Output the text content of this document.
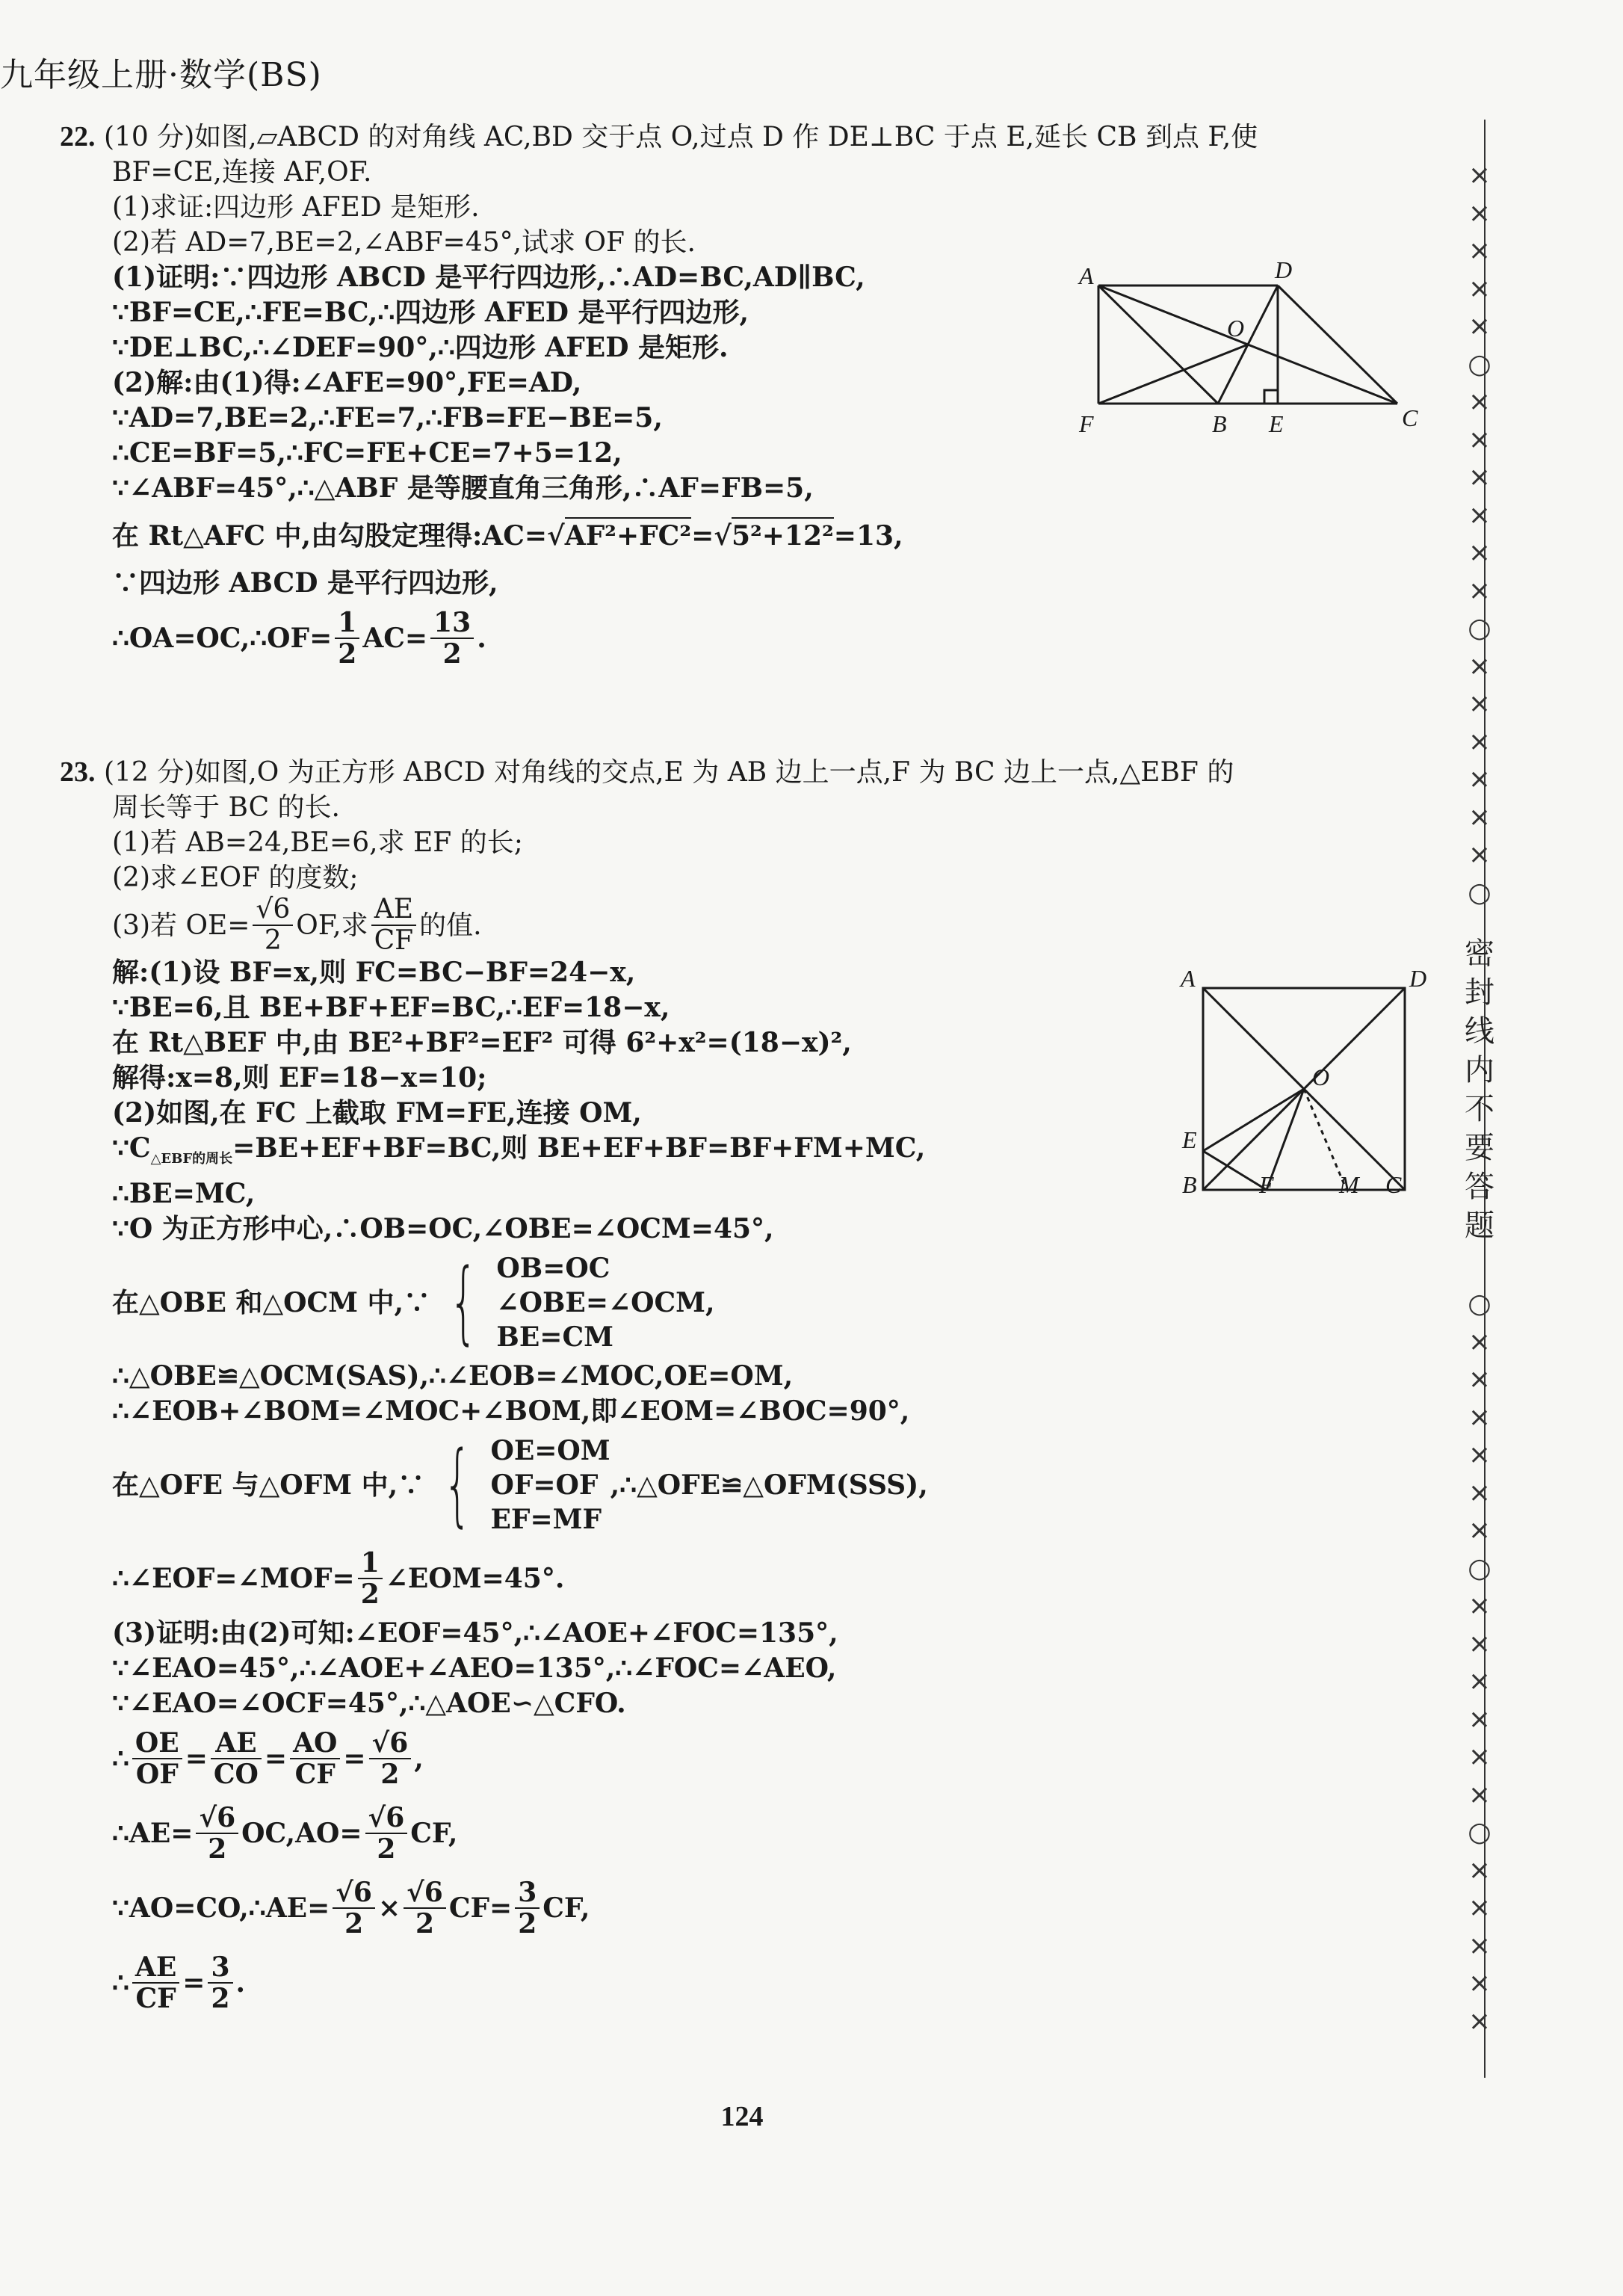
九年级上册·数学(BS)
22. (10 分)如图,▱ABCD 的对角线 AC,BD 交于点 O,过点 D 作 DE⊥BC 于点 E,延长 CB 到点 F,使
BF=CE,连接 AF,OF.
(1)求证:四边形 AFED 是矩形.
(2)若 AD=7,BE=2,∠ABF=45°,试求 OF 的长.
(1)证明:∵四边形 ABCD 是平行四边形,∴AD=BC,AD∥BC,
∵BF=CE,∴FE=BC,∴四边形 AFED 是平行四边形,
∵DE⊥BC,∴∠DEF=90°,∴四边形 AFED 是矩形.
(2)解:由(1)得:∠AFE=90°,FE=AD,
∵AD=7,BE=2,∴FE=7,∴FB=FE−BE=5,
∴CE=BF=5,∴FC=FE+CE=7+5=12,
∵∠ABF=45°,∴△ABF 是等腰直角三角形,∴AF=FB=5,
在 Rt△AFC 中,由勾股定理得:AC= √AF²+FC² = √5²+12² =13,
∵四边形 ABCD 是平行四边形,
∴OA=OC,∴OF= $\frac{1}{2} AC= \frac{13}{2}$ .
A	D
O
F	B E	C
23. (12 分)如图,O 为正方形 ABCD 对角线的交点,E 为 AB 边上一点,F 为 BC 边上一点,△EBF 的
周长等于 BC 的长.
(1)若 AB=24,BE=6,求 EF 的长;
(2)求∠EOF 的度数;
(3)若 $OE= \frac{√6}{2}$ OF,求 $\frac{AE}{CF}$ 的值.
解:(1)设 BF=x,则 FC=BC−BF=24−x,
∵BE=6,且 BE+BF+EF=BC,∴EF=18−x,
在 Rt△BEF 中,由 BE²+BF²=EF² 可得 6²+x²=(18−x)²,
解得:x=8,则 EF=18−x=10;
(2)如图,在 FC 上截取 FM=FE,连接 OM,
$\because C_{\triangle EBF的周长}=BE+EF+BF=BC$,则 BE+EF+BF=BF+FM+MC,
∴BE=MC,
∵O 为正方形中心,∴OB=OC,∠OBE=∠OCM=45°,
在△OBE 和△OCM 中,∵ { OB=OC
∠OBE=∠OCM,
BE=CM
∴△OBE≌△OCM(SAS),∴∠EOB=∠MOC,OE=OM,
∴∠EOB+∠BOM=∠MOC+∠BOM,即∠EOM=∠BOC=90°,
在△OFE 与△OFM 中,∵ { OE=OM
OF=OF
EF=MF
,∴△OFE≌△OFM(SSS),
∴∠EOF=∠MOF= $\frac{1}{2}$ ∠EOM=45°.
(3)证明:由(2)可知:∠EOF=45°,∴∠AOE+∠FOC=135°,
∵∠EAO=45°,∴∠AOE+∠AEO=135°,∴∠FOC=∠AEO,
∵∠EAO=∠OCF=45°,∴△AOE∽△CFO.
∴ $\frac{OE}{OF} = \frac{AE}{CO} = \frac{AO}{CF} = \frac{√6}{2}$ ,
∴AE= $\frac{√6}{2} OC,AO= \frac{√6}{2}$ CF,
∵AO=CO,∴AE= $\frac{√6}{2} \times \frac{√6}{2} CF= \frac{3}{2}$ CF,
∴ $\frac{AE}{CF} = \frac{3}{2}$ .
A	D
O
E
B	F	M C
×
×
×
×
×
○
×
×
×
×
×
×
○
×
×
×
×
×
×
○
密
封
线
内
不
要
答
题
○
×
×
×
×
×
×
○
×
×
×
×
×
×
○
×
×
×
×
×
124
